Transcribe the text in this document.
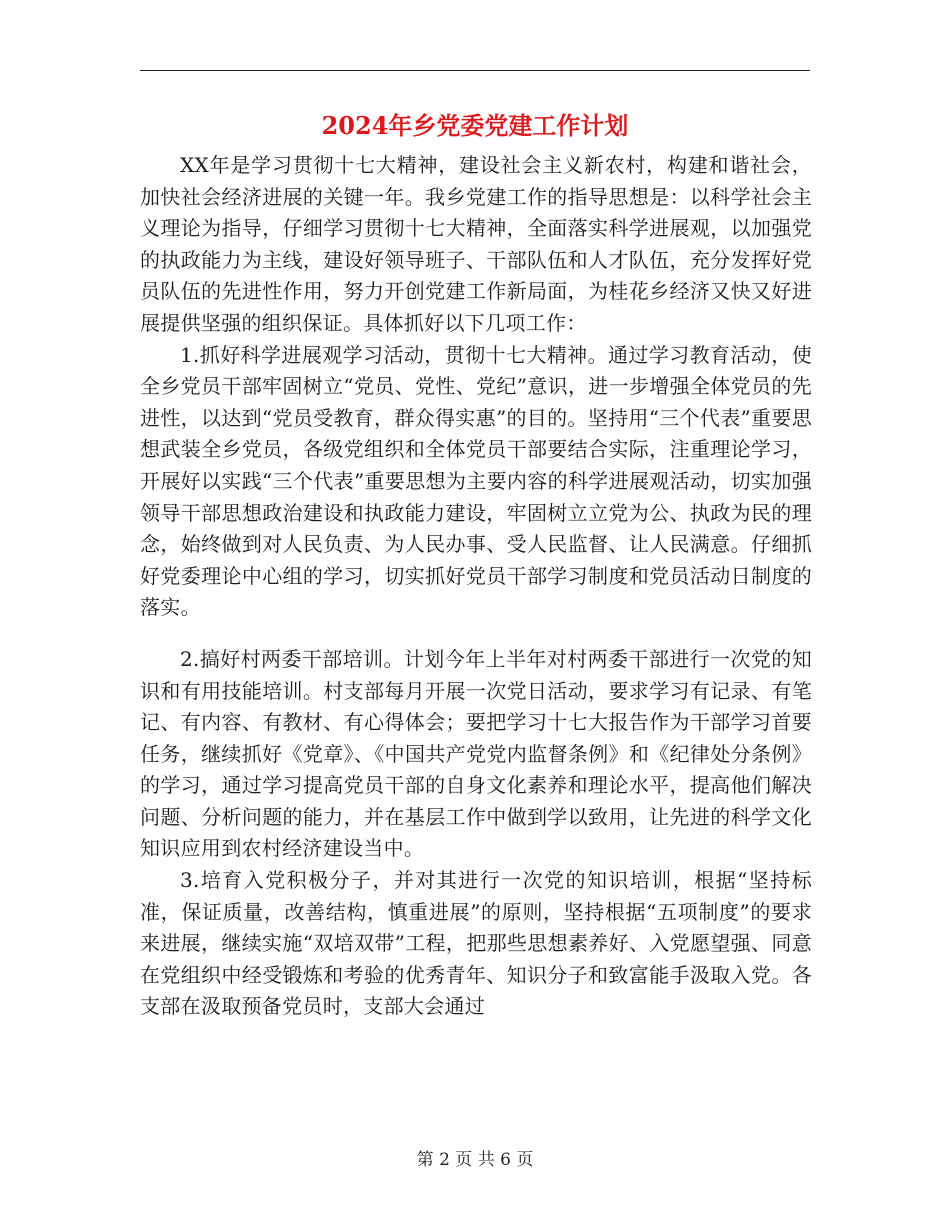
2024年乡党委党建工作计划

XX年是学习贯彻十七大精神，建设社会主义新农村，构建和谐社会，加快社会经济进展的关键一年。我乡党建工作的指导思想是：以科学社会主义理论为指导，仔细学习贯彻十七大精神，全面落实科学进展观，以加强党的执政能力为主线，建设好领导班子、干部队伍和人才队伍，充分发挥好党员队伍的先进性作用，努力开创党建工作新局面，为桂花乡经济又快又好进展提供坚强的组织保证。具体抓好以下几项工作：

1.抓好科学进展观学习活动，贯彻十七大精神。通过学习教育活动，使全乡党员干部牢固树立“党员、党性、党纪”意识，进一步增强全体党员的先进性，以达到“党员受教育，群众得实惠”的目的。坚持用“三个代表”重要思想武装全乡党员，各级党组织和全体党员干部要结合实际，注重理论学习，开展好以实践“三个代表”重要思想为主要内容的科学进展观活动，切实加强领导干部思想政治建设和执政能力建设，牢固树立立党为公、执政为民的理念，始终做到对人民负责、为人民办事、受人民监督、让人民满意。仔细抓好党委理论中心组的学习，切实抓好党员干部学习制度和党员活动日制度的落实。

2.搞好村两委干部培训。计划今年上半年对村两委干部进行一次党的知识和有用技能培训。村支部每月开展一次党日活动，要求学习有记录、有笔记、有内容、有教材、有心得体会；要把学习十七大报告作为干部学习首要任务，继续抓好《党章》、《中国共产党党内监督条例》和《纪律处分条例》的学习，通过学习提高党员干部的自身文化素养和理论水平，提高他们解决问题、分析问题的能力，并在基层工作中做到学以致用，让先进的科学文化知识应用到农村经济建设当中。

3.培育入党积极分子，并对其进行一次党的知识培训，根据“坚持标准，保证质量，改善结构，慎重进展”的原则，坚持根据“五项制度”的要求来进展，继续实施“双培双带”工程，把那些思想素养好、入党愿望强、同意在党组织中经受锻炼和考验的优秀青年、知识分子和致富能手汲取入党。各支部在汲取预备党员时，支部大会通过

第 2 页 共 6 页
